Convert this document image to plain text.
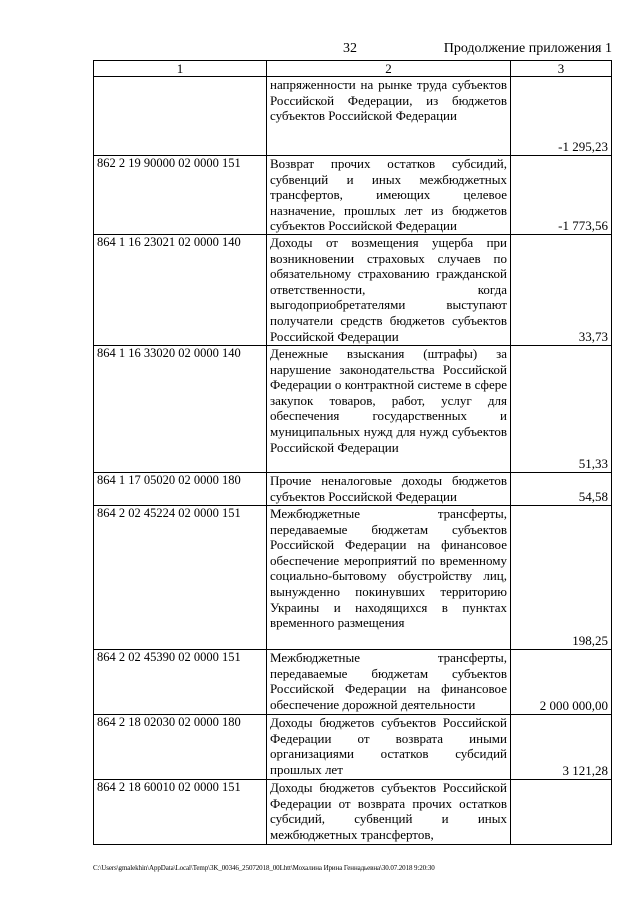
32	Продолжение приложения 1
1	2	3
	напряженности на рынке труда субъектов Российской Федерации, из бюджетов субъектов Российской Федерации	-1 295,23
862 2 19 90000 02 0000 151	Возврат прочих остатков субсидий, субвенций и иных межбюджетных трансфертов, имеющих целевое назначение, прошлых лет из бюджетов субъектов Российской Федерации	-1 773,56
864 1 16 23021 02 0000 140	Доходы от возмещения ущерба при возникновении страховых случаев по обязательному страхованию гражданской ответственности, когда выгодоприобретателями выступают получатели средств бюджетов субъектов Российской Федерации	33,73
864 1 16 33020 02 0000 140	Денежные взыскания (штрафы) за нарушение законодательства Российской Федерации о контрактной системе в сфере закупок товаров, работ, услуг для обеспечения государственных и муниципальных нужд для нужд субъектов Российской Федерации	51,33
864 1 17 05020 02 0000 180	Прочие неналоговые доходы бюджетов субъектов Российской Федерации	54,58
864 2 02 45224 02 0000 151	Межбюджетные трансферты, передаваемые бюджетам субъектов Российской Федерации на финансовое обеспечение мероприятий по временному социально-бытовому обустройству лиц, вынужденно покинувших территорию Украины и находящихся в пунктах временного размещения	198,25
864 2 02 45390 02 0000 151	Межбюджетные трансферты, передаваемые бюджетам субъектов Российской Федерации на финансовое обеспечение дорожной деятельности	2 000 000,00
864 2 18 02030 02 0000 180	Доходы бюджетов субъектов Российской Федерации от возврата иными организациями остатков субсидий прошлых лет	3 121,28
864 2 18 60010 02 0000 151	Доходы бюджетов субъектов Российской Федерации от возврата прочих остатков субсидий, субвенций и иных межбюджетных трансфертов,	
C:\Users\gmalekhin\AppData\Local\Temp\3K_00346_25072018_00Lhtt\Мохалина Ирина Геннадьевна\30.07.2018 9:20:30
